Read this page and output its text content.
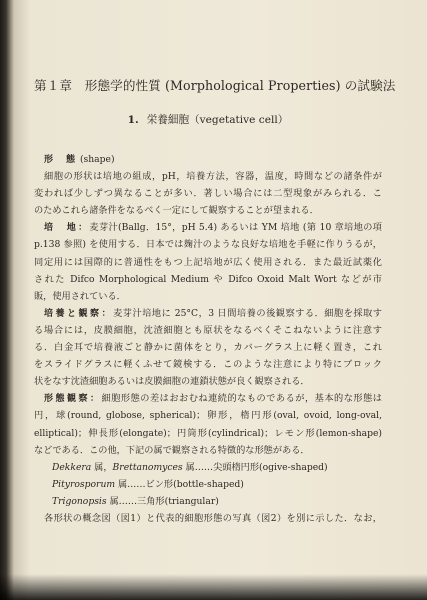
第１章　形態学的性質 (Morphological Properties) の試験法
1. 栄養細胞（vegetative cell）
形　態 (shape)
細胞の形状は培地の組成，pH，培養方法，容器，温度，時間などの諸条件が
変われば少しずつ異なることが多い．著しい場合には二型現象がみられる．こ
のためこれら諸条件をなるべく一定にして観察することが望まれる．
培　地：麦芽汁(Ballg．15°，pH 5.4) あるいは YM 培地 (第 10 章培地の項
p.138 参照) を使用する．日本では麹汁のような良好な培地を手軽に作りうるが，
同定用には国際的に普通性をもつ上記培地が広く使用される．また最近試薬化
された Difco Morphological Medium や Difco Oxoid Malt Wort などが市
販，使用されている．
培養と観察：麦芽汁培地に 25°C，3 日間培養の後観察する．細胞を採取す
る場合には，皮膜細胞，沈渣細胞とも原状をなるべくそこねないように注意す
る．白金耳で培養液ごと静かに菌体をとり，カバーグラス上に軽く置き，これ
をスライドグラスに軽くふせて鏡検する．このような注意により特にブロック
状をなす沈渣細胞あるいは皮膜細胞の連鎖状態が良く観察される．
形態観察：細胞形態の差はおおむね連続的なものであるが，基本的な形態は
円，球(round, globose, spherical)；卵形，楕円形(oval, ovoid, long-oval,
elliptical)；伸長形(elongate)；円筒形(cylindrical)；レモン形(lemon-shape)
などである．この他，下記の属で観察される特徴的な形態がある．
Dekkera 属，Brettanomyces 属……尖頭楕円形(ogive-shaped)
Pityrosporum 属……ビン形(bottle-shaped)
Trigonopsis 属……三角形(triangular)
各形状の概念図（図1）と代表的細胞形態の写真（図2）を別に示した．なお，
